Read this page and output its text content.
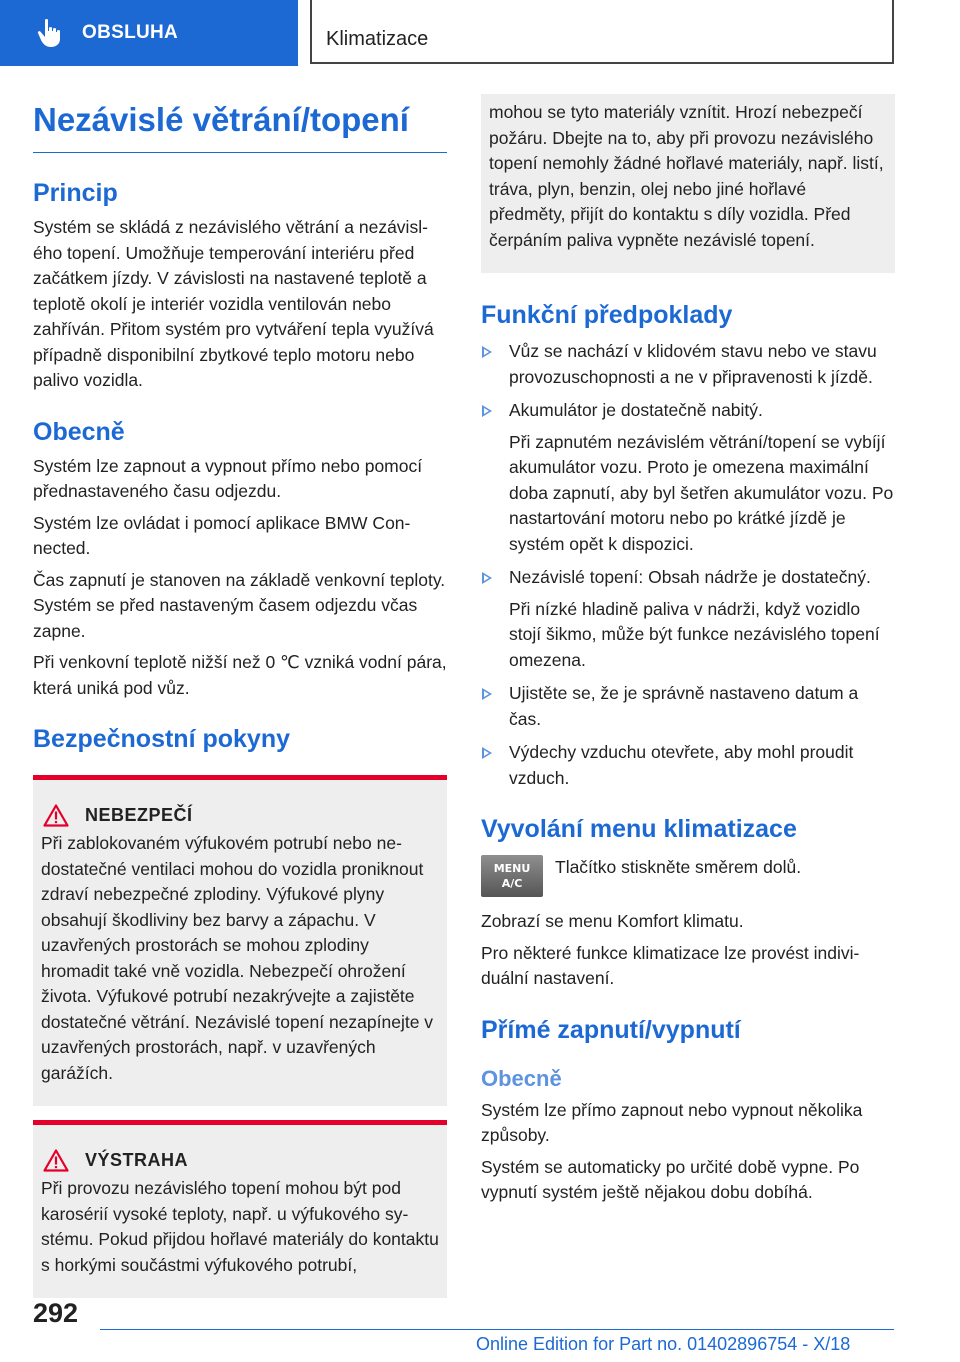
OBSLUHA	Klimatizace
Nezávislé větrání/topení
Princip

Systém se skládá z nezávislého větrání a nezávislého topení. Umožňuje temperování interiéru před začátkem jízdy. V závislosti na nastavené teplotě a teplotě okolí je interiér vozidla ventilován nebo zahříván. Přitom systém pro vytváření tepla využívá případně disponibilní zbytkové teplo motoru nebo palivo vozidla.

Obecně

Systém lze zapnout a vypnout přímo nebo pomocí přednastaveného času odjezdu.

Systém lze ovládat i pomocí aplikace BMW Connected.

Čas zapnutí je stanoven na základě venkovní teploty. Systém se před nastaveným časem odjezdu včas zapne.

Při venkovní teplotě nižší než 0 ℃ vzniká vodní pára, která uniká pod vůz.

Bezpečnostní pokyny
NEBEZPEČÍ

Při zablokovaném výfukovém potrubí nebo nedostatečné ventilaci mohou do vozidla proniknout zdraví nebezpečné zplodiny. Výfukové plyny obsahují škodliviny bez barvy a zápachu. V uzavřených prostorách se mohou zplodiny hromadit také vně vozidla. Nebezpečí ohrožení života. Výfukové potrubí nezakrývejte a zajistěte dostatečné větrání. Nezávislé topení nezapínejte v uzavřených prostorách, např. v uzavřených garážích.

VÝSTRAHA

Při provozu nezávislého topení mohou být pod karosérií vysoké teploty, např. u výfukového systému. Pokud přijdou hořlavé materiály do kontaktu s horkými součástmi výfukového potrubí,

mohou se tyto materiály vznítit. Hrozí nebezpečí požáru. Dbejte na to, aby při provozu nezávislého topení nemohly žádné hořlavé materiály, např. listí, tráva, plyn, benzin, olej nebo jiné hořlavé předměty, přijít do kontaktu s díly vozidla. Před čerpáním paliva vypněte nezávislé topení.

Funkční předpoklady

Vůz se nachází v klidovém stavu nebo ve stavu provozuschopnosti a ne v připravenosti k jízdě.

Akumulátor je dostatečně nabitý.

Při zapnutém nezávislém větrání/topení se vybíjí akumulátor vozu. Proto je omezena maximální doba zapnutí, aby byl šetřen akumulátor vozu. Po nastartování motoru nebo po krátké jízdě je systém opět k dispozici.

Nezávislé topení: Obsah nádrže je dostatečný.

Při nízké hladině paliva v nádrži, když vozidlo stojí šikmo, může být funkce nezávislého topení omezena.

Ujistěte se, že je správně nastaveno datum a čas.

Výdechy vzduchu otevřete, aby mohl proudit vzduch.

Vyvolání menu klimatizace
MENU
A/C

Tlačítko stiskněte směrem dolů.

Zobrazí se menu Komfort klimatu.

Pro některé funkce klimatizace lze provést individuální nastavení.

Přímé zapnutí/vypnutí
Obecně

Systém lze přímo zapnout nebo vypnout několika způsoby.

Systém se automaticky po určité době vypne. Po vypnutí systém ještě nějakou dobu dobíhá.

292
Online Edition for Part no. 01402896754 - X/18
